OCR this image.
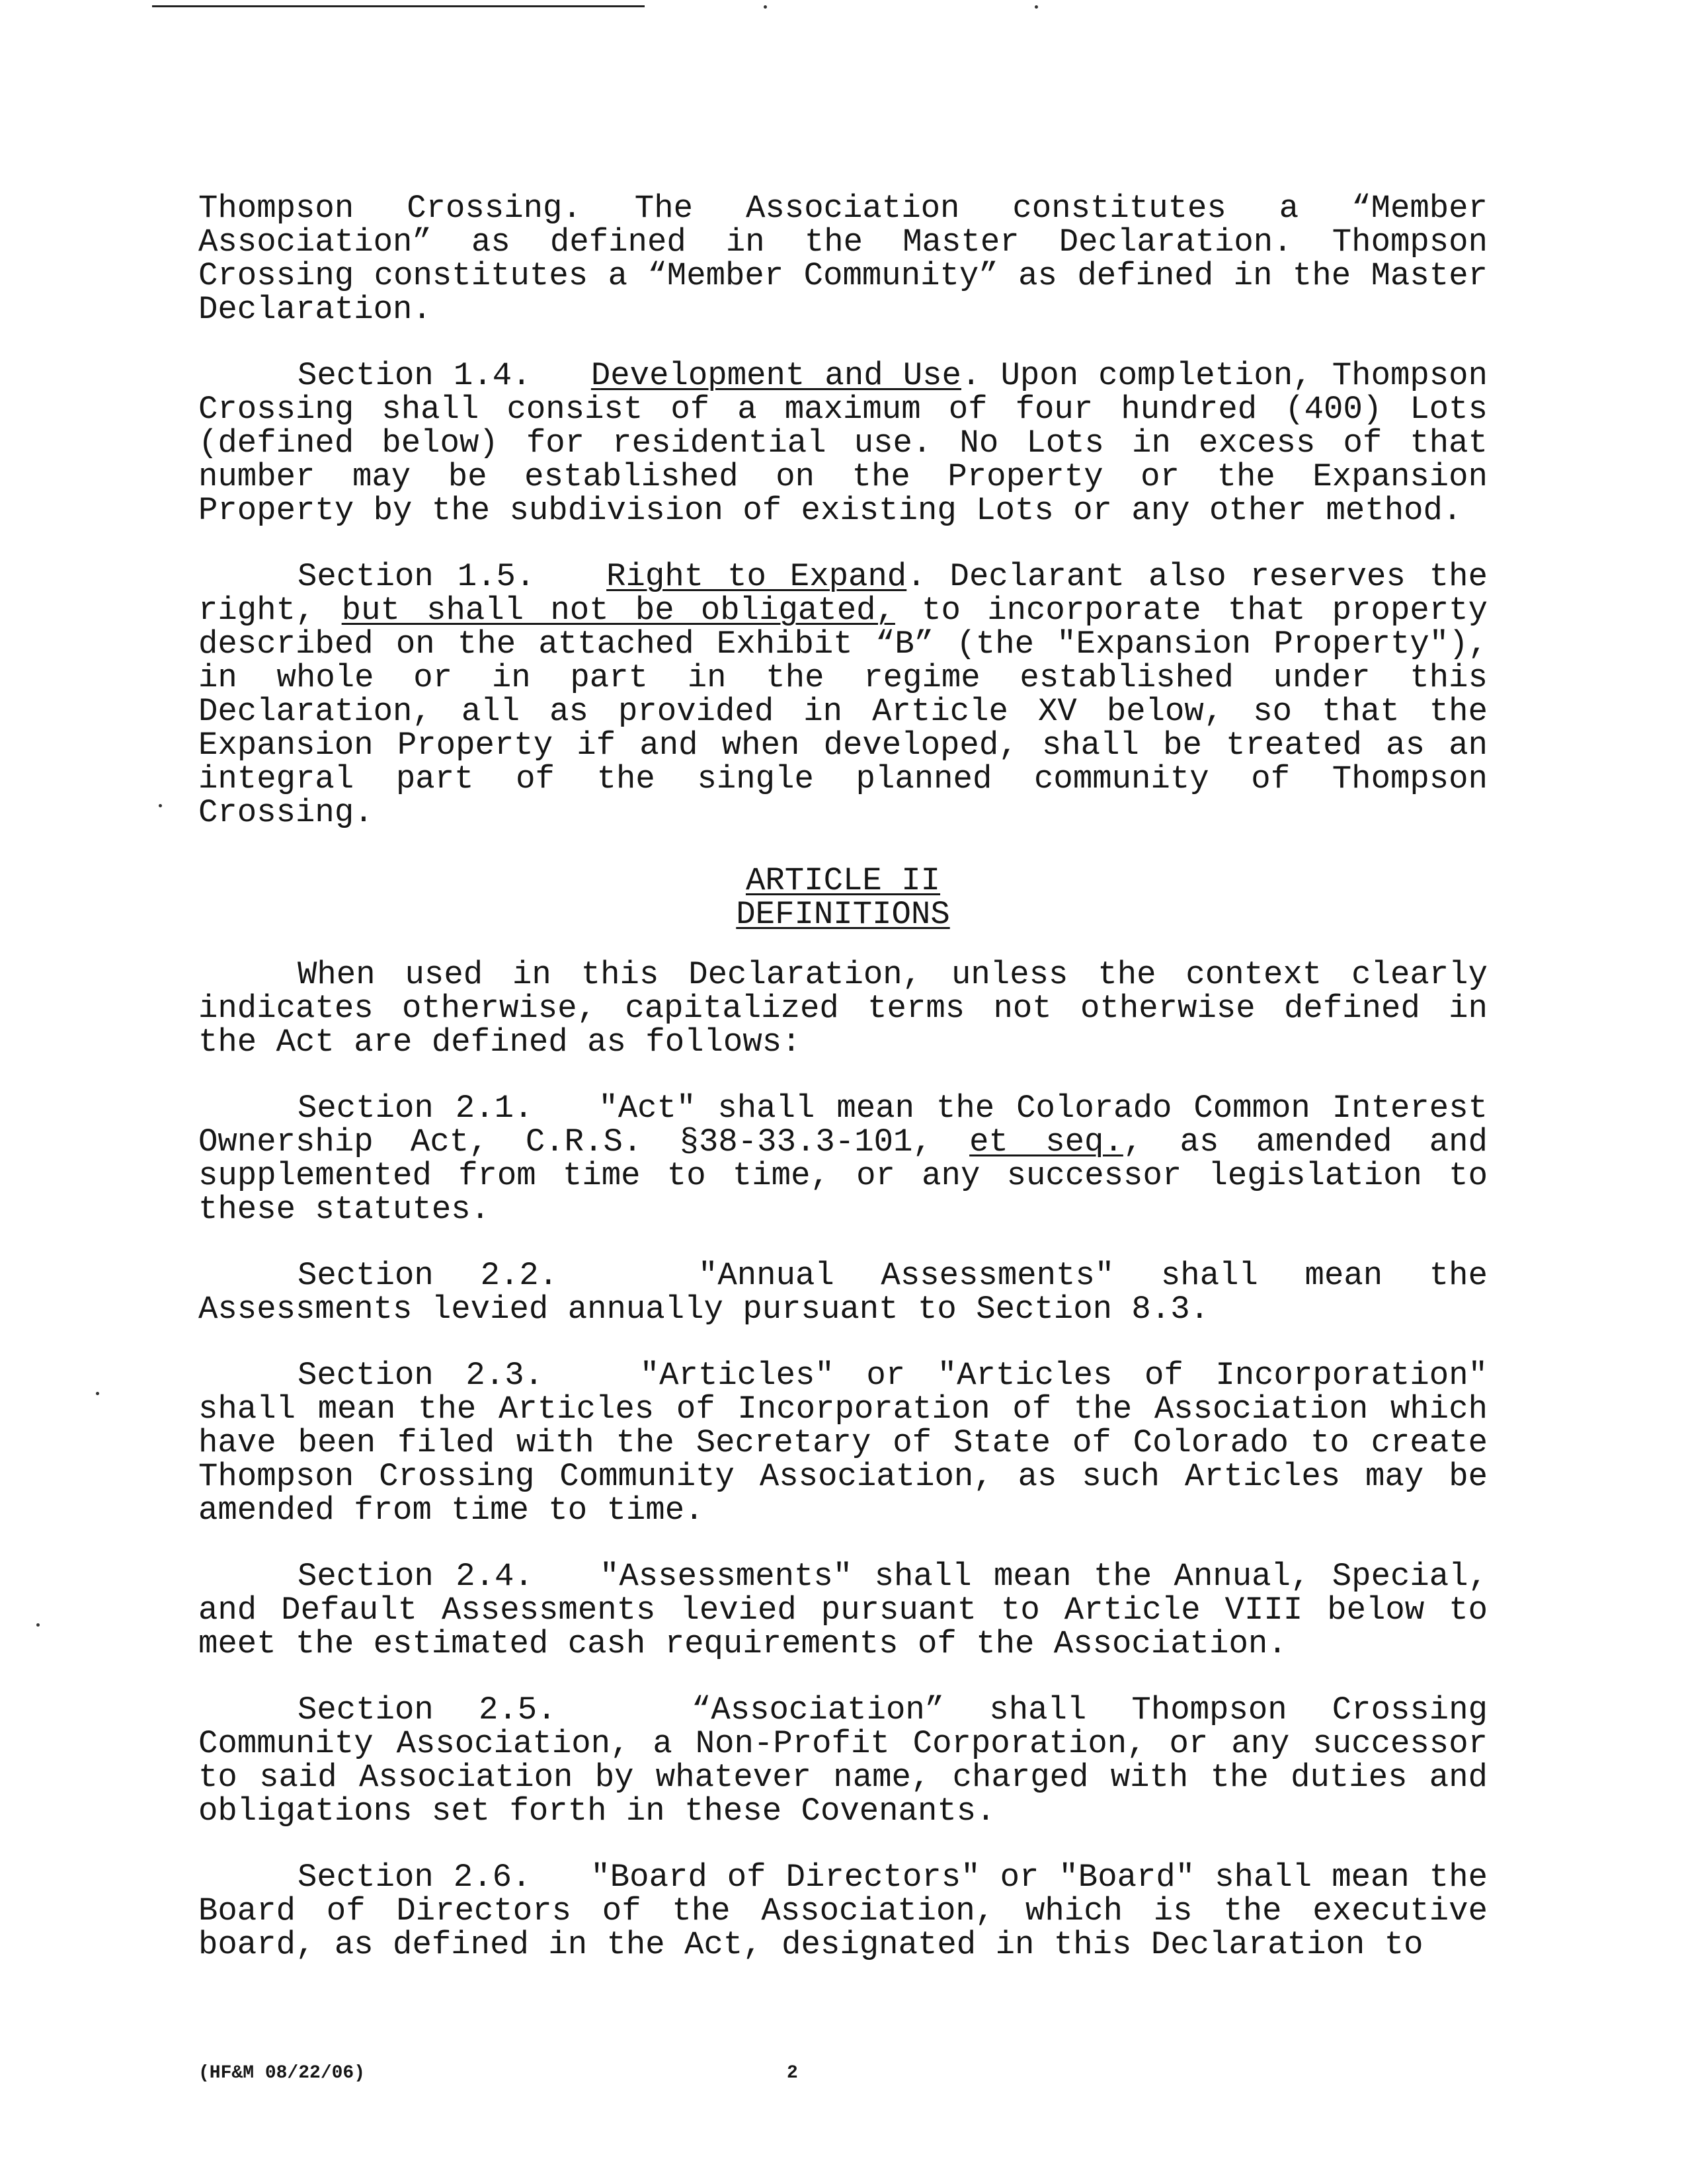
Thompson Crossing. The Association constitutes a “Member Association” as defined in the Master Declaration. Thompson Crossing constitutes a “Member Community” as defined in the Master Declaration.

Section 1.4. Development and Use. Upon completion, Thompson Crossing shall consist of a maximum of four hundred (400) Lots (defined below) for residential use. No Lots in excess of that number may be established on the Property or the Expansion Property by the subdivision of existing Lots or any other method.

Section 1.5. Right to Expand. Declarant also reserves the right, but shall not be obligated, to incorporate that property described on the attached Exhibit “B” (the "Expansion Property"), in whole or in part in the regime established under this Declaration, all as provided in Article XV below, so that the Expansion Property if and when developed, shall be treated as an integral part of the single planned community of Thompson Crossing.

ARTICLE II
DEFINITIONS

When used in this Declaration, unless the context clearly indicates otherwise, capitalized terms not otherwise defined in the Act are defined as follows:

Section 2.1. "Act" shall mean the Colorado Common Interest Ownership Act, C.R.S. §38-33.3-101, et seq., as amended and supplemented from time to time, or any successor legislation to these statutes.

Section 2.2.	"Annual Assessments" shall mean the Assessments levied annually pursuant to Section 8.3.

Section 2.3.	"Articles" or "Articles of Incorporation" shall mean the Articles of Incorporation of the Association which have been filed with the Secretary of State of Colorado to create Thompson Crossing Community Association, as such Articles may be amended from time to time.

Section 2.4. "Assessments" shall mean the Annual, Special, and Default Assessments levied pursuant to Article VIII below to meet the estimated cash requirements of the Association.

Section 2.5.	“Association” shall Thompson Crossing Community Association, a Non-Profit Corporation, or any successor to said Association by whatever name, charged with the duties and obligations set forth in these Covenants.

Section 2.6. "Board of Directors" or "Board" shall mean the Board of Directors of the Association, which is the executive board, as defined in the Act, designated in this Declaration to

(HF&M 08/22/06)	2
